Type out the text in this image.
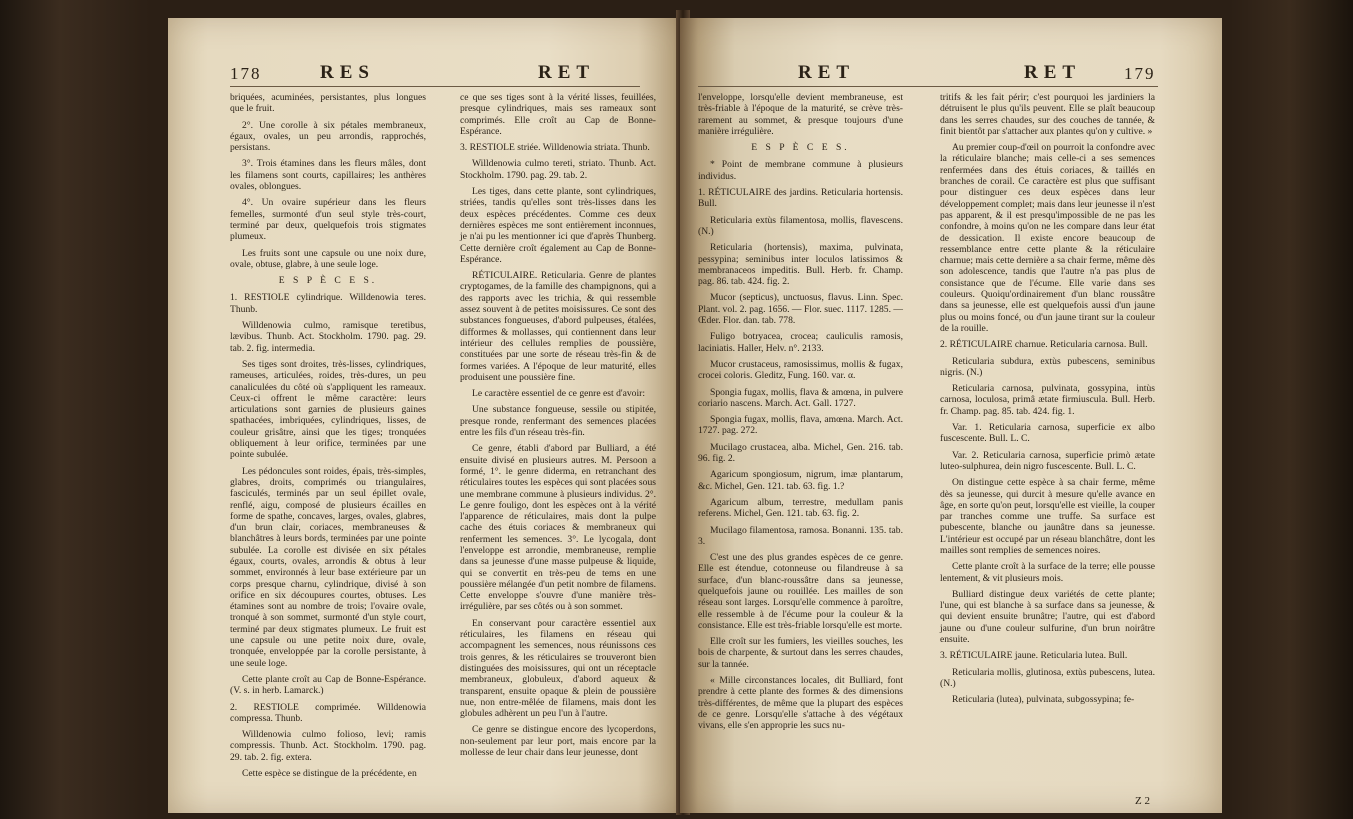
178	RES	RET

briquées, acuminées, persistantes, plus longues que le fruit.

2°. Une corolle à six pétales membraneux, égaux, ovales, un peu arrondis, rapprochés, persistans.

3°. Trois étamines dans les fleurs mâles, dont les filamens sont courts, capillaires; les anthères ovales, oblongues.

4°. Un ovaire supérieur dans les fleurs femelles, surmonté d'un seul style très-court, terminé par deux, quelquefois trois stigmates plumeux.

Les fruits sont une capsule ou une noix dure, ovale, obtuse, glabre, à une seule loge.

E S P È C E S.

1. RESTIOLE cylindrique. Willdenowia teres. Thunb.

Willdenowia culmo, ramisque teretibus, lævibus. Thunb. Act. Stockholm. 1790. pag. 29. tab. 2. fig. intermedia.

Ses tiges sont droites, très-lisses, cylindriques, rameuses, articulées, roides, très-dures, un peu canaliculées du côté où s'appliquent les rameaux. Ceux-ci offrent le même caractère: leurs articulations sont garnies de plusieurs gaines spathacées, imbriquées, cylindriques, lisses, de couleur grisâtre, ainsi que les tiges; tronquées obliquement à leur orifice, terminées par une pointe subulée.

Les pédoncules sont roides, épais, très-simples, glabres, droits, comprimés ou triangulaires, fasciculés, terminés par un seul épillet ovale, renflé, aigu, composé de plusieurs écailles en forme de spathe, concaves, larges, ovales, glabres, d'un brun clair, coriaces, membraneuses & blanchâtres à leurs bords, terminées par une pointe subulée. La corolle est divisée en six pétales égaux, courts, ovales, arrondis & obtus à leur sommet, environnés à leur base extérieure par un corps presque charnu, cylindrique, divisé à son orifice en six découpures courtes, obtuses. Les étamines sont au nombre de trois; l'ovaire ovale, tronqué à son sommet, surmonté d'un style court, terminé par deux stigmates plumeux. Le fruit est une capsule ou une petite noix dure, ovale, tronquée, enveloppée par la corolle persistante, à une seule loge.

Cette plante croît au Cap de Bonne-Espérance. (V. s. in herb. Lamarck.)

2. RESTIOLE comprimée. Willdenowia compressa. Thunb.

Willdenowia culmo folioso, levi; ramis compressis. Thunb. Act. Stockholm. 1790. pag. 29. tab. 2. fig. extera.

Cette espèce se distingue de la précédente, en

ce que ses tiges sont à la vérité lisses, feuillées, presque cylindriques, mais ses rameaux sont comprimés. Elle croît au Cap de Bonne-Espérance.

3. RESTIOLE striée. Willdenowia striata. Thunb.

Willdenowia culmo tereti, striato. Thunb. Act. Stockholm. 1790. pag. 29. tab. 2.

Les tiges, dans cette plante, sont cylindriques, striées, tandis qu'elles sont très-lisses dans les deux espèces précédentes. Comme ces deux dernières espèces me sont entièrement inconnues, je n'ai pu les mentionner ici que d'après Thunberg. Cette dernière croît également au Cap de Bonne-Espérance.

RÉTICULAIRE. Reticularia. Genre de plantes cryptogames, de la famille des champignons, qui a des rapports avec les trichia, & qui ressemble assez souvent à de petites moisissures. Ce sont des substances fongueuses, d'abord pulpeuses, étalées, difformes & mollasses, qui contiennent dans leur intérieur des cellules remplies de poussière, constituées par une sorte de réseau très-fin & de formes variées. A l'époque de leur maturité, elles produisent une poussière fine.

Le caractère essentiel de ce genre est d'avoir:

Une substance fongueuse, sessile ou stipitée, presque ronde, renfermant des semences placées entre les fils d'un réseau très-fin.

Ce genre, établi d'abord par Bulliard, a été ensuite divisé en plusieurs autres. M. Persoon a formé, 1°. le genre diderma, en retranchant des réticulaires toutes les espèces qui sont placées sous une membrane commune à plusieurs individus. 2°. Le genre fouligo, dont les espèces ont à la vérité l'apparence de réticulaires, mais dont la pulpe cache des étuis coriaces & membraneux qui renferment les semences. 3°. Le lycogala, dont l'enveloppe est arrondie, membraneuse, remplie dans sa jeunesse d'une masse pulpeuse & liquide, qui se convertit en très-peu de tems en une poussière mélangée d'un petit nombre de filamens. Cette enveloppe s'ouvre d'une manière très-irrégulière, par ses côtés ou à son sommet.

En conservant pour caractère essentiel aux réticulaires, les filamens en réseau qui accompagnent les semences, nous réunissons ces trois genres, & les réticulaires se trouveront bien distinguées des moisissures, qui ont un réceptacle membraneux, globuleux, d'abord aqueux & transparent, ensuite opaque & plein de poussière nue, non entre-mêlée de filamens, mais dont les globules adhèrent un peu l'un à l'autre.

Ce genre se distingue encore des lycoperdons, non-seulement par leur port, mais encore par la mollesse de leur chair dans leur jeunesse, dont

RET	RET	179

l'enveloppe, lorsqu'elle devient membraneuse, est très-friable à l'époque de la maturité, se crève très-rarement au sommet, & presque toujours d'une manière irrégulière.

E S P È C E S.

* Point de membrane commune à plusieurs individus.

1. RÉTICULAIRE des jardins. Reticularia hortensis. Bull.

Reticularia extùs filamentosa, mollis, flavescens. (N.)

Reticularia (hortensis), maxima, pulvinata, pessypina; seminibus inter loculos latissimos & membranaceos impeditis. Bull. Herb. fr. Champ. pag. 86. tab. 424. fig. 2.

Mucor (septicus), unctuosus, flavus. Linn. Spec. Plant. vol. 2. pag. 1656. — Flor. suec. 1117. 1285. — Œder. Flor. dan. tab. 778.

Fuligo botryacea, crocea; cauliculis ramosis, laciniatis. Haller, Helv. n°. 2133.

Mucor crustaceus, ramosissimus, mollis & fugax, crocei coloris. Gleditz, Fung. 160. var. α.

Spongia fugax, mollis, flava & amœna, in pulvere coriario nascens. March. Act. Gall. 1727.

Spongia fugax, mollis, flava, amœna. March. Act. 1727. pag. 272.

Mucilago crustacea, alba. Michel, Gen. 216. tab. 96. fig. 2.

Agaricum spongiosum, nigrum, imæ plantarum, &c. Michel, Gen. 121. tab. 63. fig. 1.?

Agaricum album, terrestre, medullam panis referens. Michel, Gen. 121. tab. 63. fig. 2.

Mucilago filamentosa, ramosa. Bonanni. 135. tab. 3.

C'est une des plus grandes espèces de ce genre. Elle est étendue, cotonneuse ou filandreuse à sa surface, d'un blanc-roussâtre dans sa jeunesse, quelquefois jaune ou rouillée. Les mailles de son réseau sont larges. Lorsqu'elle commence à paroître, elle ressemble à de l'écume pour la couleur & la consistance. Elle est très-friable lorsqu'elle est morte.

Elle croît sur les fumiers, les vieilles souches, les bois de charpente, & surtout dans les serres chaudes, sur la tannée.

« Mille circonstances locales, dit Bulliard, font prendre à cette plante des formes & des dimensions très-différentes, de même que la plupart des espèces de ce genre. Lorsqu'elle s'attache à des végétaux vivans, elle s'en approprie les sucs nu-

tritifs & les fait périr; c'est pourquoi les jardiniers la détruisent le plus qu'ils peuvent. Elle se plaît beaucoup dans les serres chaudes, sur des couches de tannée, & finit bientôt par s'attacher aux plantes qu'on y cultive. »

Au premier coup-d'œil on pourroit la confondre avec la réticulaire blanche; mais celle-ci a ses semences renfermées dans des étuis coriaces, & taillés en branches de corail. Ce caractère est plus que suffisant pour distinguer ces deux espèces dans leur développement complet; mais dans leur jeunesse il n'est pas apparent, & il est presqu'impossible de ne pas les confondre, à moins qu'on ne les compare dans leur état de dessication. Il existe encore beaucoup de ressemblance entre cette plante & la réticulaire charnue; mais cette dernière a sa chair ferme, même dès son adolescence, tandis que l'autre n'a pas plus de consistance que de l'écume. Elle varie dans ses couleurs. Quoiqu'ordinairement d'un blanc roussâtre dans sa jeunesse, elle est quelquefois aussi d'un jaune plus ou moins foncé, ou d'un jaune tirant sur la couleur de la rouille.

2. RÉTICULAIRE charnue. Reticularia carnosa. Bull.

Reticularia subdura, extùs pubescens, seminibus nigris. (N.)

Reticularia carnosa, pulvinata, gossypina, intùs carnosa, loculosa, primâ ætate firmiuscula. Bull. Herb. fr. Champ. pag. 85. tab. 424. fig. 1.

Var. 1. Reticularia carnosa, superficie ex albo fuscescente. Bull. L. C.

Var. 2. Reticularia carnosa, superficie primò ætate luteo-sulphurea, dein nigro fuscescente. Bull. L. C.

On distingue cette espèce à sa chair ferme, même dès sa jeunesse, qui durcit à mesure qu'elle avance en âge, en sorte qu'on peut, lorsqu'elle est vieille, la couper par tranches comme une truffe. Sa surface est pubescente, blanche ou jaunâtre dans sa jeunesse. L'intérieur est occupé par un réseau blanchâtre, dont les mailles sont remplies de semences noires.

Cette plante croît à la surface de la terre; elle pousse lentement, & vit plusieurs mois.

Bulliard distingue deux variétés de cette plante; l'une, qui est blanche à sa surface dans sa jeunesse, & qui devient ensuite brunâtre; l'autre, qui est d'abord jaune ou d'une couleur sulfurine, d'un brun noirâtre ensuite.

3. RÉTICULAIRE jaune. Reticularia lutea. Bull.

Reticularia mollis, glutinosa, extùs pubescens, lutea. (N.)

Reticularia (lutea), pulvinata, subgossypina; fe-

Z 2
